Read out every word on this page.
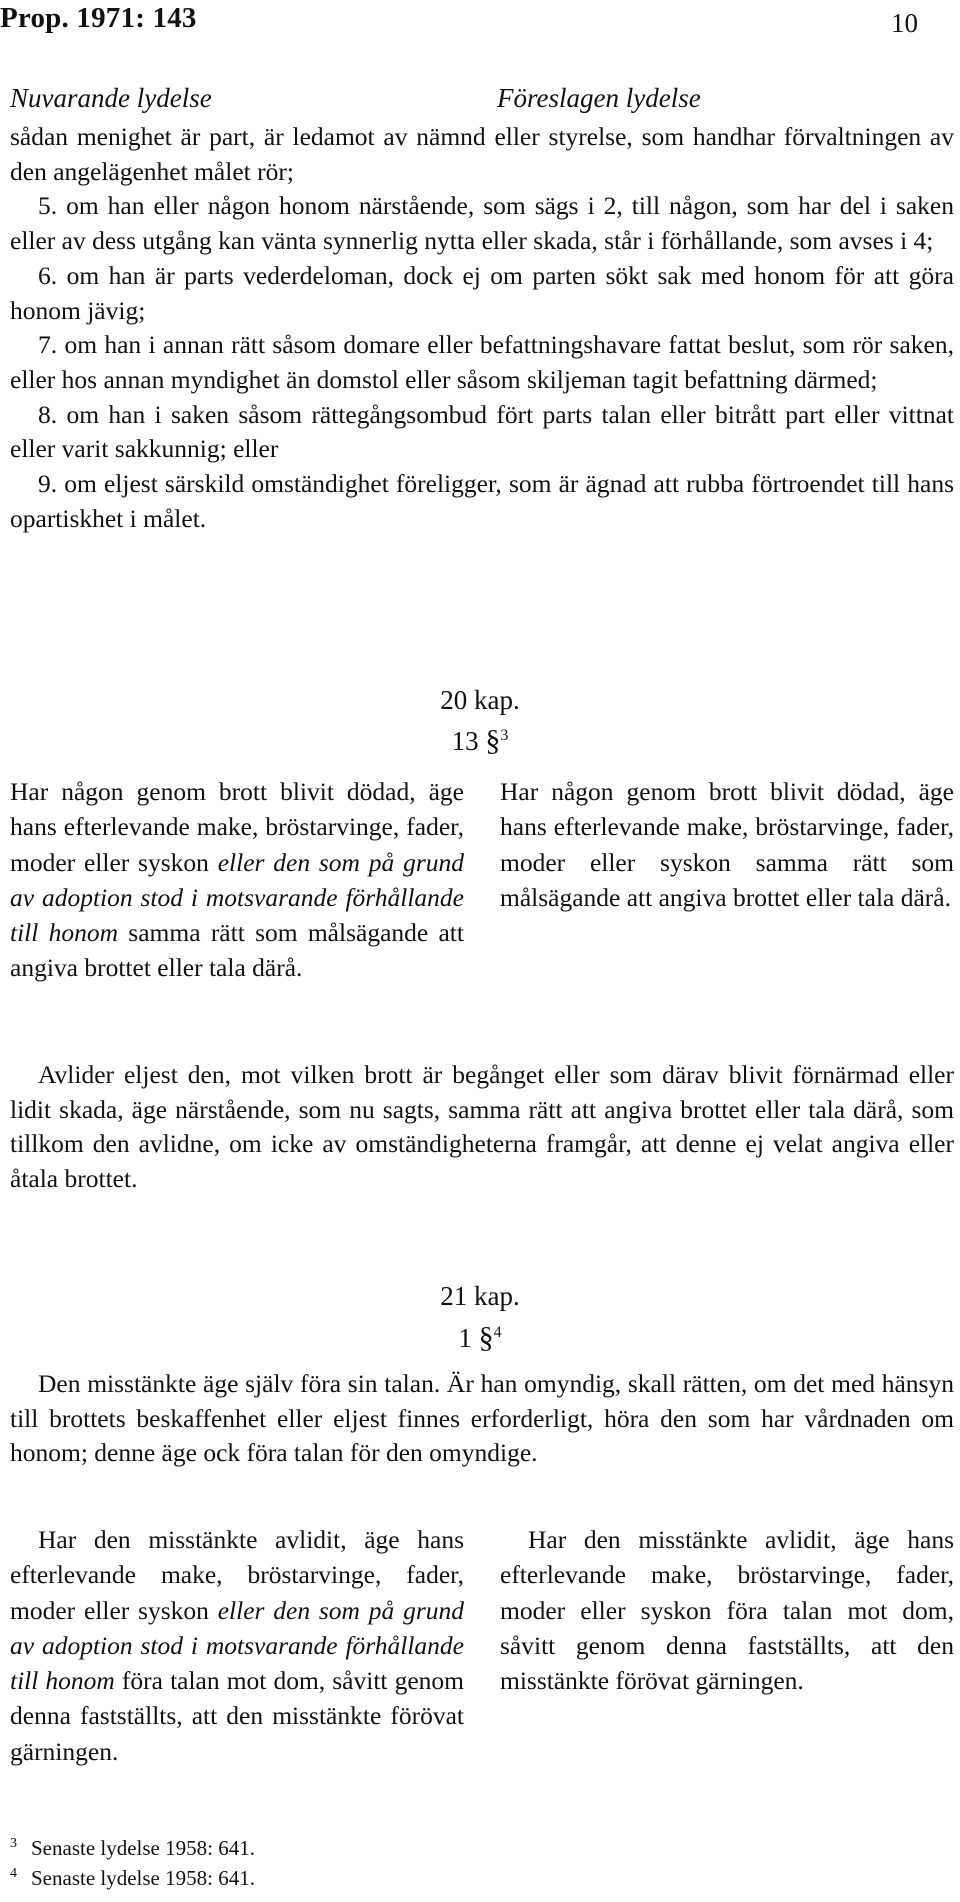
Prop. 1971: 143	10
Nuvarande lydelse	Föreslagen lydelse

sådan menighet är part, är ledamot av nämnd eller styrelse, som handhar förvaltningen av den angelägenhet målet rör;

5. om han eller någon honom närstående, som sägs i 2, till någon, som har del i saken eller av dess utgång kan vänta synnerlig nytta eller skada, står i förhållande, som avses i 4;

6. om han är parts vederdeloman, dock ej om parten sökt sak med honom för att göra honom jävig;

7. om han i annan rätt såsom domare eller befattningshavare fattat beslut, som rör saken, eller hos annan myndighet än domstol eller såsom skiljeman tagit befattning därmed;

8. om han i saken såsom rättegångsombud fört parts talan eller bitrått part eller vittnat eller varit sakkunnig; eller

9. om eljest särskild omständighet föreligger, som är ägnad att rubba förtroendet till hans opartiskhet i målet.

20 kap.
13 §$^3$
Har någon genom brott blivit dödad, äge hans efterlevande make, bröstarvinge, fader, moder eller syskon eller den som på grund av adoption stod i motsvarande förhållande till honom samma rätt som målsägande att angiva brottet eller tala därå.
Har någon genom brott blivit dödad, äge hans efterlevande make, bröstarvinge, fader, moder eller syskon samma rätt som målsägande att angiva brottet eller tala därå.
Avlider eljest den, mot vilken brott är begånget eller som därav blivit förnärmad eller lidit skada, äge närstående, som nu sagts, samma rätt att angiva brottet eller tala därå, som tillkom den avlidne, om icke av omständigheterna framgår, att denne ej velat angiva eller åtala brottet.
21 kap.
1 §$^4$
Den misstänkte äge själv föra sin talan. Är han omyndig, skall rätten, om det med hänsyn till brottets beskaffenhet eller eljest finnes erforderligt, höra den som har vårdnaden om honom; denne äge ock föra talan för den omyndige.
Har den misstänkte avlidit, äge hans efterlevande make, bröstarvinge, fader, moder eller syskon eller den som på grund av adoption stod i motsvarande förhållande till honom föra talan mot dom, såvitt genom denna fastställts, att den misstänkte förövat gärningen.
Har den misstänkte avlidit, äge hans efterlevande make, bröstarvinge, fader, moder eller syskon föra talan mot dom, såvitt genom denna fastställts, att den misstänkte förövat gärningen.
$^3$ Senaste lydelse 1958: 641.
$^4$ Senaste lydelse 1958: 641.
